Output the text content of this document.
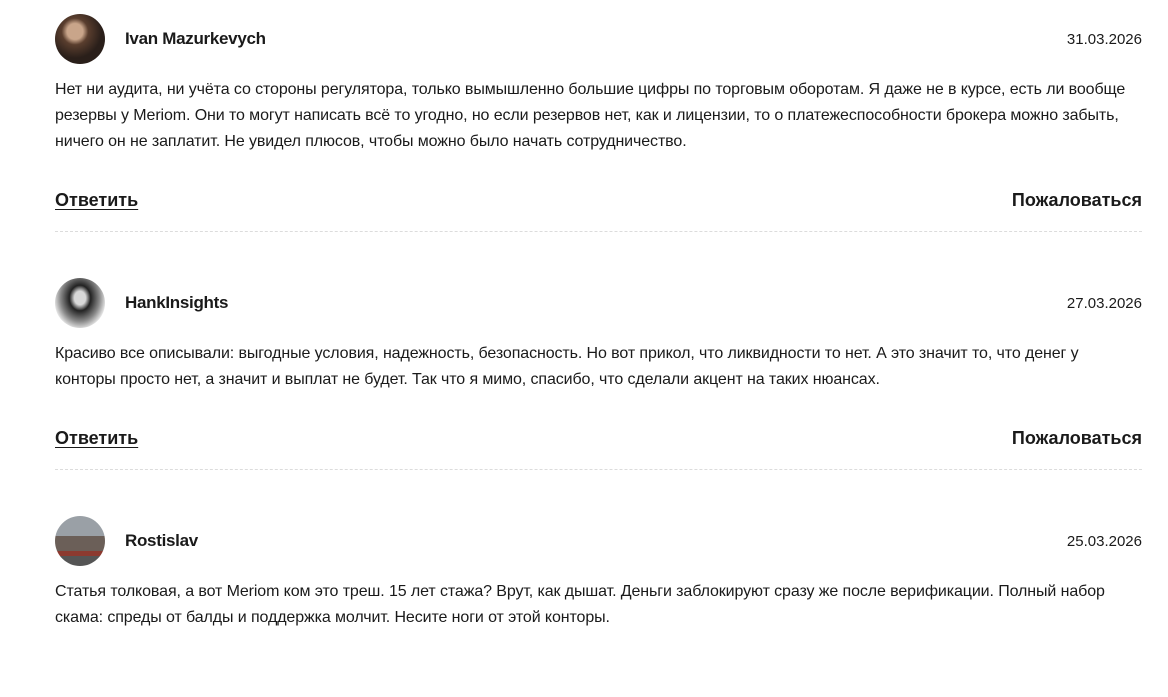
Ivan Mazurkevych	31.03.2026
Нет ни аудита, ни учёта со стороны регулятора, только вымышленно большие цифры по торговым оборотам. Я даже не в курсе, есть ли вообще резервы у Meriom. Они то могут написать всё то угодно, но если резервов нет, как и лицензии, то о платежеспособности брокера можно забыть, ничего он не заплатит. Не увидел плюсов, чтобы можно было начать сотрудничество.
Ответить	Пожаловаться
HankInsights	27.03.2026
Красиво все описывали: выгодные условия, надежность, безопасность. Но вот прикол, что ликвидности то нет. А это значит то, что денег у конторы просто нет, а значит и выплат не будет. Так что я мимо, спасибо, что сделали акцент на таких нюансах.
Ответить	Пожаловаться
Rostislav	25.03.2026
Статья толковая, а вот Meriom ком это треш. 15 лет стажа? Врут, как дышат. Деньги заблокируют сразу же после верификации. Полный набор скама: спреды от балды и поддержка молчит. Несите ноги от этой конторы.
